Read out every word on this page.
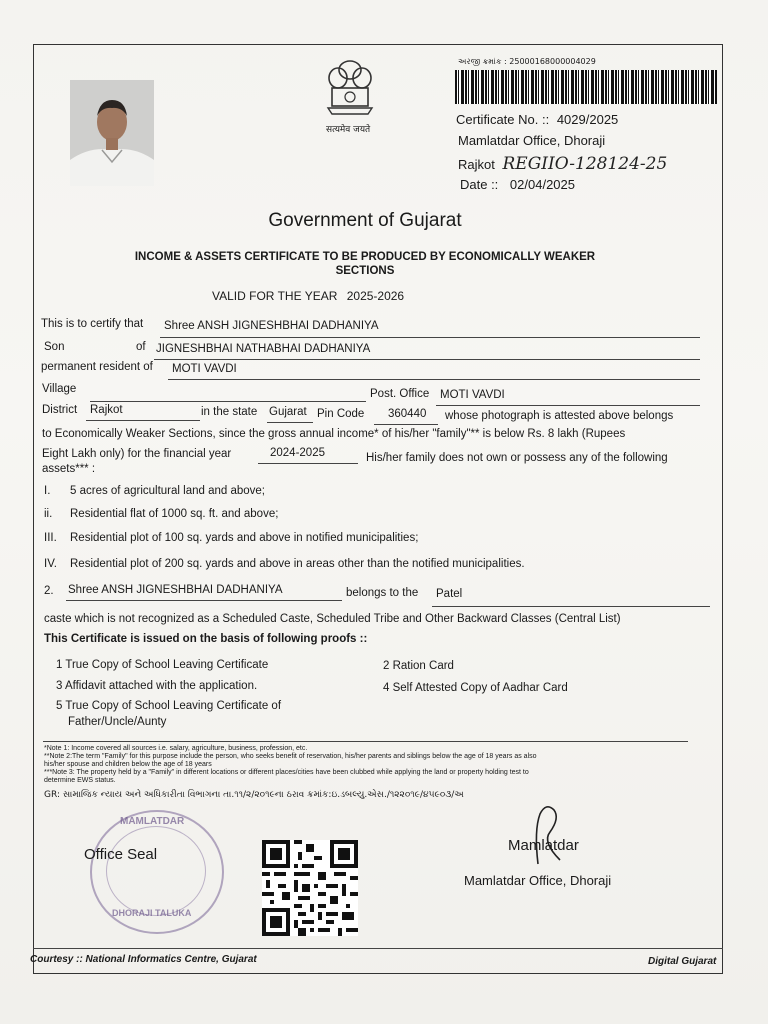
सत्यमेव जयते
અરજી ક્રમાંક : 25000168000004029
Certificate No. :: 4029/2025
Mamlatdar Office, Dhoraji
Rajkot REGIIO-128124-25
Date :: 02/04/2025
Government of Gujarat
INCOME & ASSETS CERTIFICATE TO BE PRODUCED BY ECONOMICALLY WEAKER
SECTIONS
VALID FOR THE YEAR 2025-2026
This is to certify that	Shree ANSH JIGNESHBHAI DADHANIYA
Son	of JIGNESHBHAI NATHABHAI DADHANIYA
permanent resident of	MOTI VAVDI
Village	Post. Office MOTI VAVDI
District	Rajkot	in the state Gujarat Pin Code	360440	whose photograph is attested above belongs
to Economically Weaker Sections, since the gross annual income* of his/her "family"** is below Rs. 8 lakh (Rupees
Eight Lakh only) for the financial year	2024-2025	His/her family does not own or possess any of the following
assets*** :
I. 5 acres of agricultural land and above;
ii. Residential flat of 1000 sq. ft. and above;
III. Residential plot of 100 sq. yards and above in notified municipalities;
IV. Residential plot of 200 sq. yards and above in areas other than the notified municipalities.
2. Shree ANSH JIGNESHBHAI DADHANIYA	belongs to the	Patel
caste which is not recognized as a Scheduled Caste, Scheduled Tribe and Other Backward Classes (Central List)
This Certificate is issued on the basis of following proofs ::
1 True Copy of School Leaving Certificate	2 Ration Card
3 Affidavit attached with the application.	4 Self Attested Copy of Aadhar Card
5 True Copy of School Leaving Certificate of
Father/Uncle/Aunty
*Note 1: Income covered all sources i.e. salary, agriculture, business, profession, etc.
**Note 2:The term "Family" for this purpose include the person, who seeks benefit of reservation, his/her parents and siblings below the age of 18 years as also
his/her spouse and children below the age of 18 years
***Note 3: The property held by a "Family" in different locations or different places/cities have been clubbed while applying the land or property holding test to
determine EWS status.
GR: સામાજિક ન્યાય અને અધિકારીતા વિભાગના તા.૧૧/૨/૨૦૧૯ના ઠરાવ ક્રમાંક:ઇ.ડબલ્યુ.એસ./૧૨૨૦૧૯/૪૫૯૦૩/અ
MAMLATDAR
DHORAJI TALUKA
Office Seal
Mamlatdar
Mamlatdar Office, Dhoraji
Courtesy :: National Informatics Centre, Gujarat	Digital Gujarat
